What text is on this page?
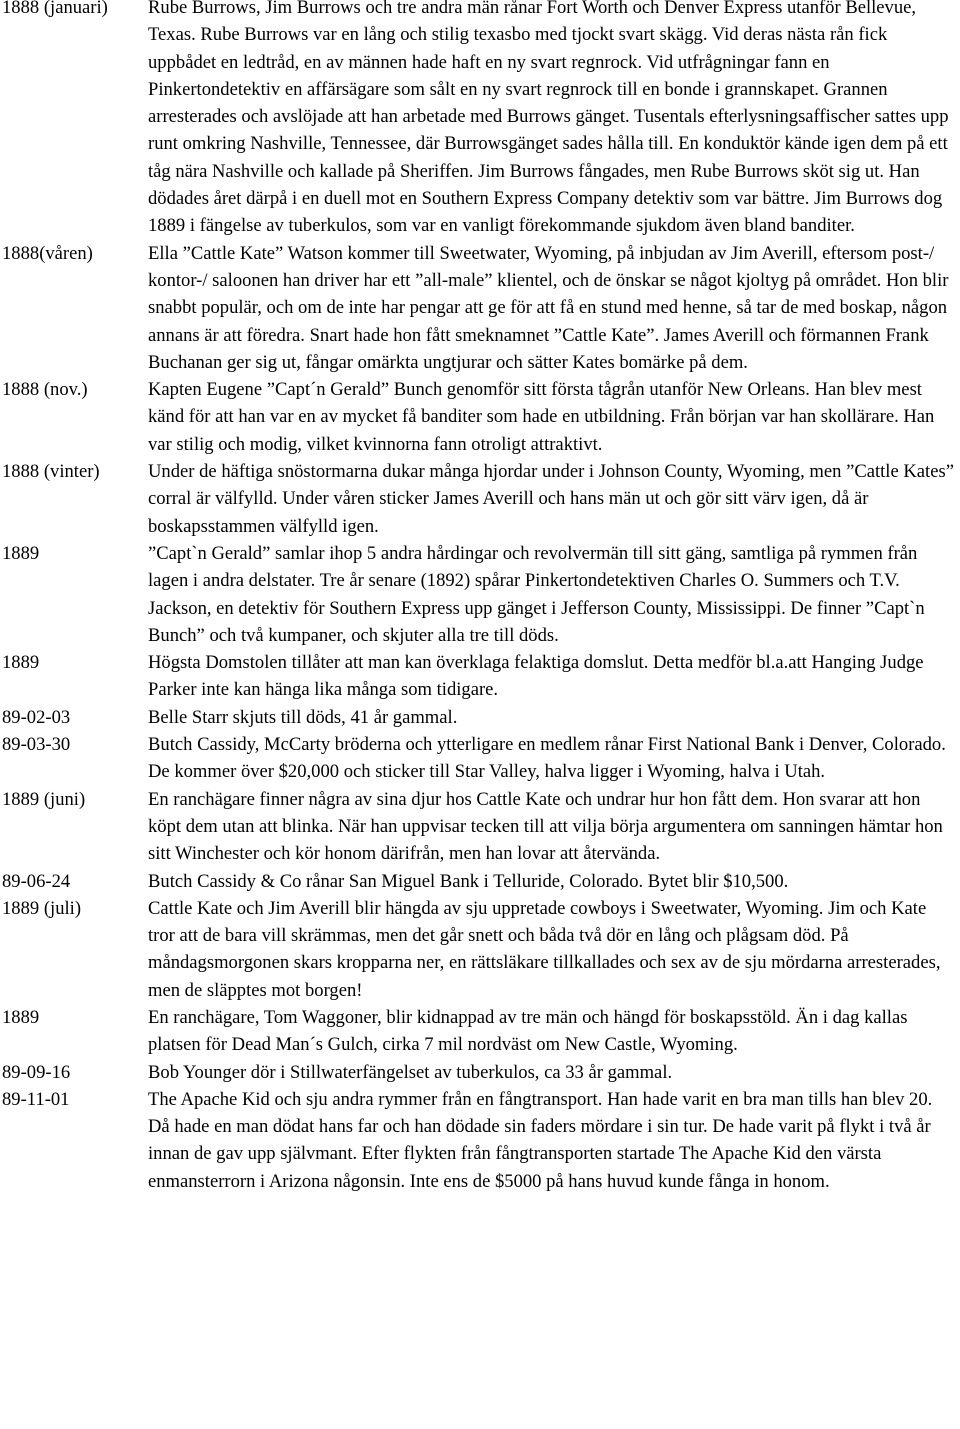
1888 (januari)	Rube Burrows, Jim Burrows och tre andra män rånar Fort Worth och Denver Express utanför Bellevue, Texas. Rube Burrows var en lång och stilig texasbo med tjockt svart skägg. Vid deras nästa rån fick uppbådet en ledtråd, en av männen hade haft en ny svart regnrock. Vid utfrågningar fann en Pinkertondetektiv en affärsägare som sålt en ny svart regnrock till en bonde i grannskapet. Grannen arresterades och avslöjade att han arbetade med Burrows gänget. Tusentals efterlysningsaffischer sattes upp runt omkring Nashville, Tennessee, där Burrowsgänget sades hålla till. En konduktör kände igen dem på ett tåg nära Nashville och kallade på Sheriffen. Jim Burrows fångades, men Rube Burrows sköt sig ut. Han dödades året därpå i en duell mot en Southern Express Company detektiv som var bättre. Jim Burrows dog 1889 i fängelse av tuberkulos, som var en vanligt förekommande sjukdom även bland banditer.
1888(våren)	Ella ”Cattle Kate” Watson kommer till Sweetwater, Wyoming, på inbjudan av Jim Averill, eftersom post-/ kontor-/ saloonen han driver har ett ”all-male” klientel, och de önskar se något kjoltyg på området. Hon blir snabbt populär, och om de inte har pengar att ge för att få en stund med henne, så tar de med boskap, någon annans är att föredra. Snart hade hon fått smeknamnet ”Cattle Kate”. James Averill och förmannen Frank Buchanan ger sig ut, fångar omärkta ungtjurar och sätter Kates bomärke på dem.
1888 (nov.)	Kapten Eugene ”Capt´n Gerald” Bunch genomför sitt första tågrån utanför New Orleans. Han blev mest känd för att han var en av mycket få banditer som hade en utbildning. Från början var han skollärare. Han var stilig och modig, vilket kvinnorna fann otroligt attraktivt.
1888 (vinter)	Under de häftiga snöstormarna dukar många hjordar under i Johnson County, Wyoming, men ”Cattle Kates” corral är välfylld. Under våren sticker James Averill och hans män ut och gör sitt värv igen, då är boskapsstammen välfylld igen.
1889	”Capt`n Gerald” samlar ihop 5 andra hårdingar och revolvermän till sitt gäng, samtliga på rymmen från lagen i andra delstater. Tre år senare (1892) spårar Pinkertondetektiven Charles O. Summers och T.V. Jackson, en detektiv för Southern Express upp gänget i Jefferson County, Mississippi. De finner ”Capt`n Bunch” och två kumpaner, och skjuter alla tre till döds.
1889	Högsta Domstolen tillåter att man kan överklaga felaktiga domslut. Detta medför bl.a.att Hanging Judge Parker inte kan hänga lika många som tidigare.
89-02-03	Belle Starr skjuts till döds, 41 år gammal.
89-03-30	Butch Cassidy, McCarty bröderna och ytterligare en medlem rånar First National Bank i Denver, Colorado. De kommer över $20,000 och sticker till Star Valley, halva ligger i Wyoming, halva i Utah.
1889 (juni)	En ranchägare finner några av sina djur hos Cattle Kate och undrar hur hon fått dem. Hon svarar att hon köpt dem utan att blinka. När han uppvisar tecken till att vilja börja argumentera om sanningen hämtar hon sitt Winchester och kör honom därifrån, men han lovar att återvända.
89-06-24	Butch Cassidy & Co rånar San Miguel Bank i Telluride, Colorado. Bytet blir $10,500.
1889 (juli)	Cattle Kate och Jim Averill blir hängda av sju uppretade cowboys i Sweetwater, Wyoming. Jim och Kate tror att de bara vill skrämmas, men det går snett och båda två dör en lång och plågsam död. På måndagsmorgonen skars kropparna ner, en rättsläkare tillkallades och sex av de sju mördarna arresterades, men de släpptes mot borgen!
1889	En ranchägare, Tom Waggoner, blir kidnappad av tre män och hängd för boskapsstöld. Än i dag kallas platsen för Dead Man´s Gulch, cirka 7 mil nordväst om New Castle, Wyoming.
89-09-16	Bob Younger dör i Stillwaterfängelset av tuberkulos, ca 33 år gammal.
89-11-01	The Apache Kid och sju andra rymmer från en fångtransport. Han hade varit en bra man tills han blev 20. Då hade en man dödat hans far och han dödade sin faders mördare i sin tur. De hade varit på flykt i två år innan de gav upp självmant. Efter flykten från fångtransporten startade The Apache Kid den värsta enmansterrorn i Arizona någonsin. Inte ens de $5000 på hans huvud kunde fånga in honom.
